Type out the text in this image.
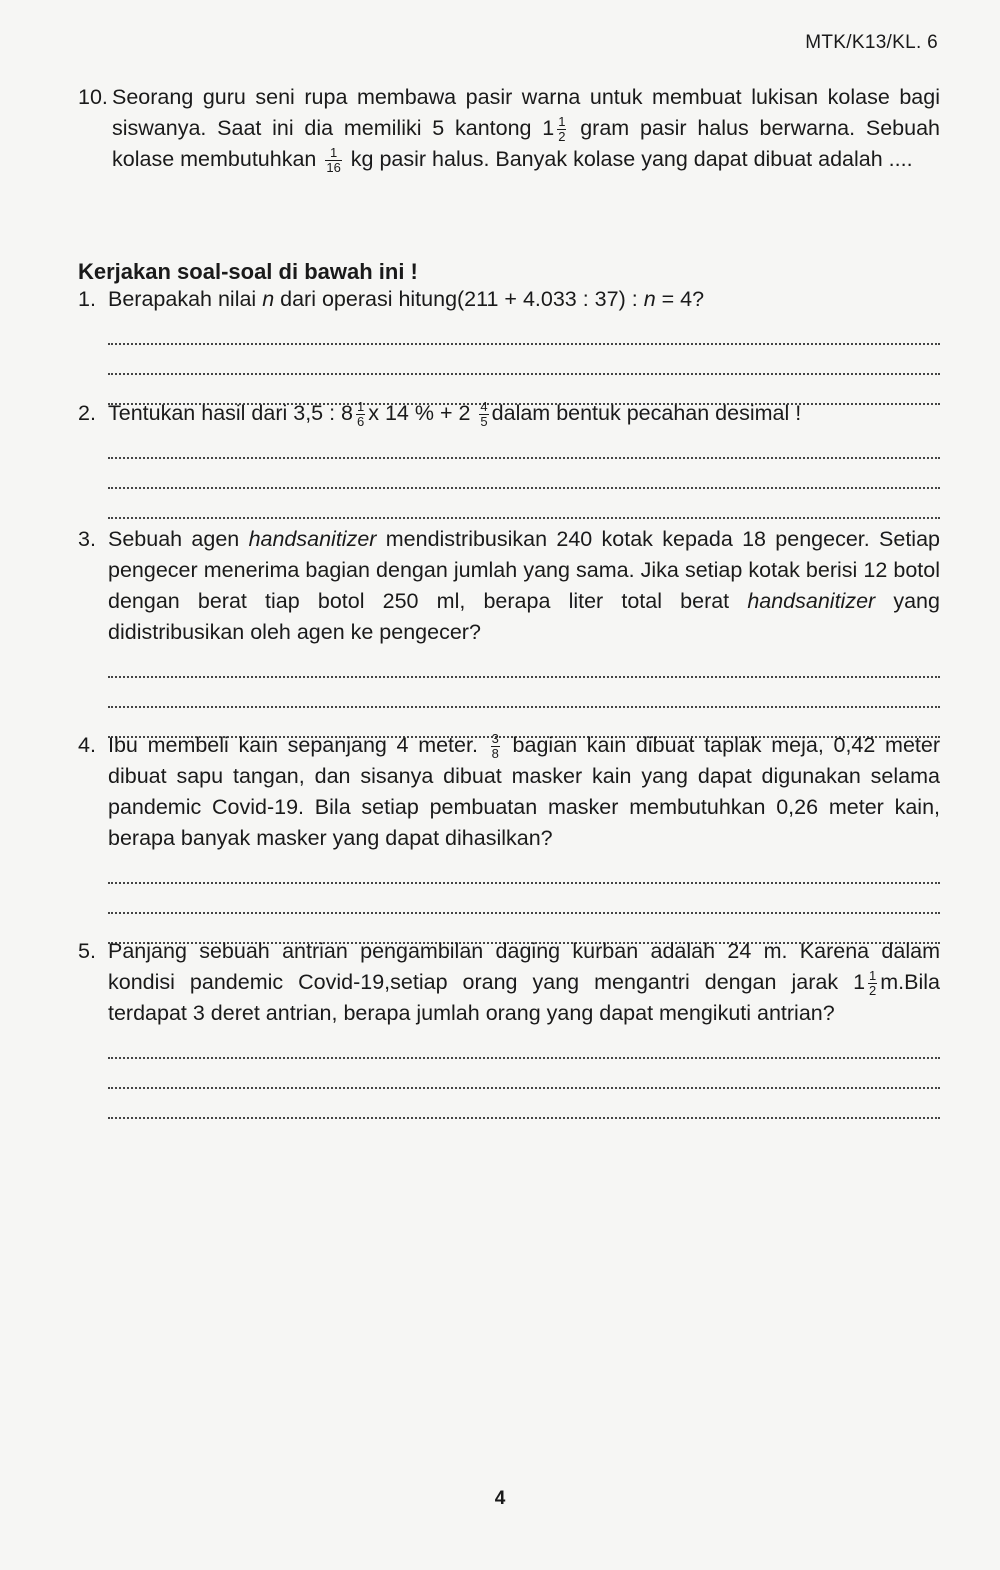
MTK/K13/KL. 6
10. Seorang guru seni rupa membawa pasir warna untuk membuat lukisan kolase bagi siswanya. Saat ini dia memiliki 5 kantong $1 \frac{1}{2}$ gram pasir halus berwarna. Sebuah kolase membutuhkan $\frac{1}{16}$ kg pasir halus. Banyak kolase yang dapat dibuat adalah ....
Kerjakan soal-soal di bawah ini !
1. Berapakah nilai n dari operasi hitung(211 + 4.033 : 37) : n = 4?
2. Tentukan hasil dari 3,5 : $8 \frac{1}{6}$ x 14 % + $2 \frac{4}{5}$ dalam bentuk pecahan desimal !
3. Sebuah agen handsanitizer mendistribusikan 240 kotak kepada 18 pengecer. Setiap pengecer menerima bagian dengan jumlah yang sama. Jika setiap kotak berisi 12 botol dengan berat tiap botol 250 ml, berapa liter total berat handsanitizer yang didistribusikan oleh agen ke pengecer?
4. Ibu membeli kain sepanjang 4 meter. $\frac{3}{8}$ bagian kain dibuat taplak meja, 0,42 meter dibuat sapu tangan, dan sisanya dibuat masker kain yang dapat digunakan selama pandemic Covid-19. Bila setiap pembuatan masker membutuhkan 0,26 meter kain, berapa banyak masker yang dapat dihasilkan?
5. Panjang sebuah antrian pengambilan daging kurban adalah 24 m. Karena dalam kondisi pandemic Covid-19,setiap orang yang mengantri dengan jarak $1 \frac{1}{2}$ m.Bila terdapat 3 deret antrian, berapa jumlah orang yang dapat mengikuti antrian?
4
